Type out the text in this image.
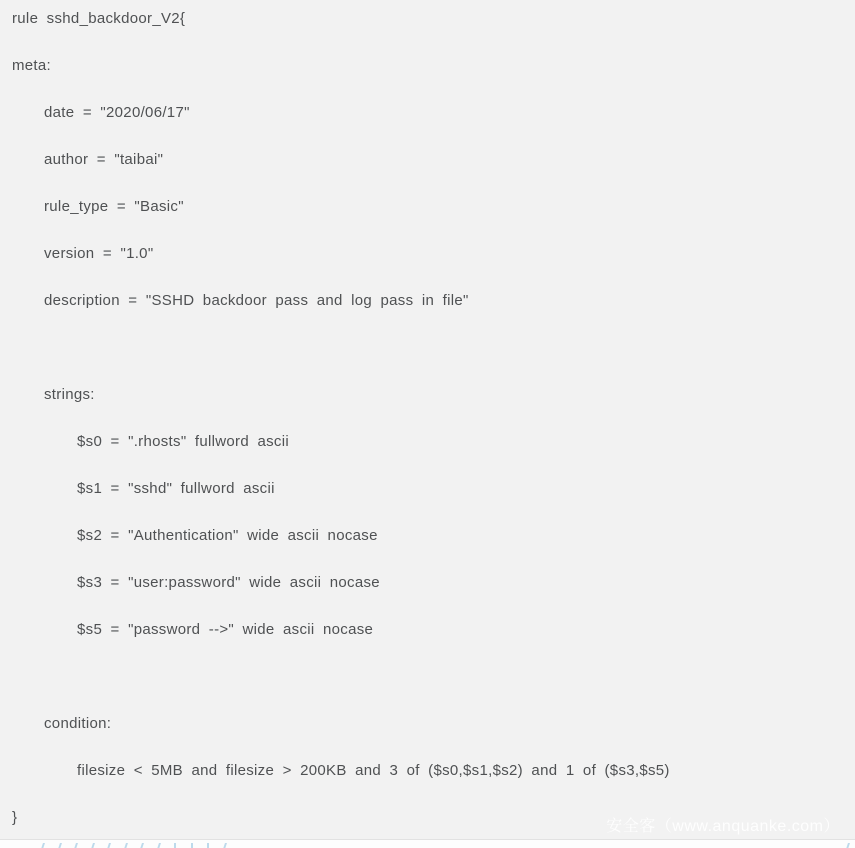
rule sshd_backdoor_V2{
meta:
date = "2020/06/17"
author = "taibai"
rule_type = "Basic"
version = "1.0"
description = "SSHD backdoor pass and log pass in file"
strings:
$s0 = ".rhosts" fullword ascii
$s1 = "sshd" fullword ascii
$s2 = "Authentication" wide ascii nocase
$s3 = "user:password" wide ascii nocase
$s5 = "password -->" wide ascii nocase
condition:
filesize < 5MB and filesize > 200KB and 3 of ($s0,$s1,$s2) and 1 of ($s3,$s5)
}
安全客（www.anquanke.com）
